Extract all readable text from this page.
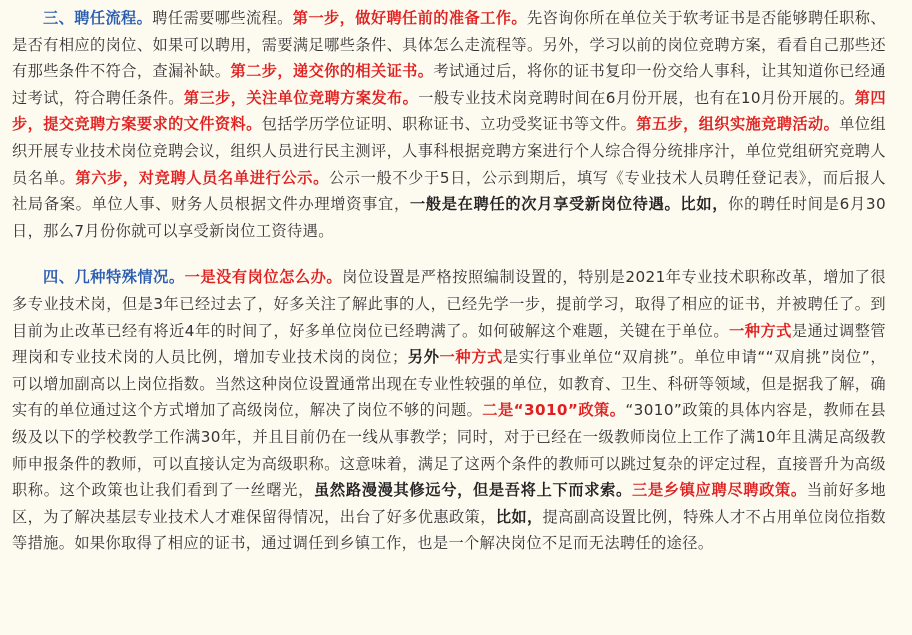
三、聘任流程。聘任需要哪些流程。第一步，做好聘任前的准备工作。先咨询你所在单位关于软考证书是否能够聘任职称、是否有相应的岗位、如果可以聘用，需要满足哪些条件、具体怎么走流程等。另外，学习以前的岗位竞聘方案，看看自己那些还有那些条件不符合，查漏补缺。第二步，递交你的相关证书。考试通过后，将你的证书复印一份交给人事科，让其知道你已经通过考试，符合聘任条件。第三步，关注单位竞聘方案发布。一般专业技术岗竞聘时间在6月份开展，也有在10月份开展的。第四步，提交竞聘方案要求的文件资料。包括学历学位证明、职称证书、立功受奖证书等文件。第五步，组织实施竞聘活动。单位组织开展专业技术岗位竞聘会议，组织人员进行民主测评，人事科根据竞聘方案进行个人综合得分统排序汁，单位党组研究竞聘人员名单。第六步，对竞聘人员名单进行公示。公示一般不少于5日，公示到期后，填写《专业技术人员聘任登记表》，而后报人社局备案。单位人事、财务人员根据文件办理增资事宜，一般是在聘任的次月享受新岗位待遇。比如，你的聘任时间是6月30日，那么7月份你就可以享受新岗位工资待遇。

四、几种特殊情况。一是没有岗位怎么办。岗位设置是严格按照编制设置的，特别是2021年专业技术职称改革，增加了很多专业技术岗，但是3年已经过去了，好多关注了解此事的人，已经先学一步，提前学习，取得了相应的证书，并被聘任了。到目前为止改革已经有将近4年的时间了，好多单位岗位已经聘满了。如何破解这个难题，关键在于单位。一种方式是通过调整管理岗和专业技术岗的人员比例，增加专业技术岗的岗位；另外一种方式是实行事业单位“双肩挑”。单位申请““双肩挑”岗位”，可以增加副高以上岗位指数。当然这种岗位设置通常出现在专业性较强的单位，如教育、卫生、科研等领域，但是据我了解，确实有的单位通过这个方式增加了高级岗位，解决了岗位不够的问题。二是“3010”政策。“3010”政策的具体内容是，教师在县级及以下的学校教学工作满30年，并且目前仍在一线从事教学；同时，对于已经在一级教师岗位上工作了满10年且满足高级教师申报条件的教师，可以直接认定为高级职称。这意味着，满足了这两个条件的教师可以跳过复杂的评定过程，直接晋升为高级职称。这个政策也让我们看到了一丝曙光，虽然路漫漫其修远兮，但是吾将上下而求索。三是乡镇应聘尽聘政策。当前好多地区，为了解决基层专业技术人才难保留得情况，出台了好多优惠政策，比如，提高副高设置比例，特殊人才不占用单位岗位指数等措施。如果你取得了相应的证书，通过调任到乡镇工作，也是一个解决岗位不足而无法聘任的途径。
